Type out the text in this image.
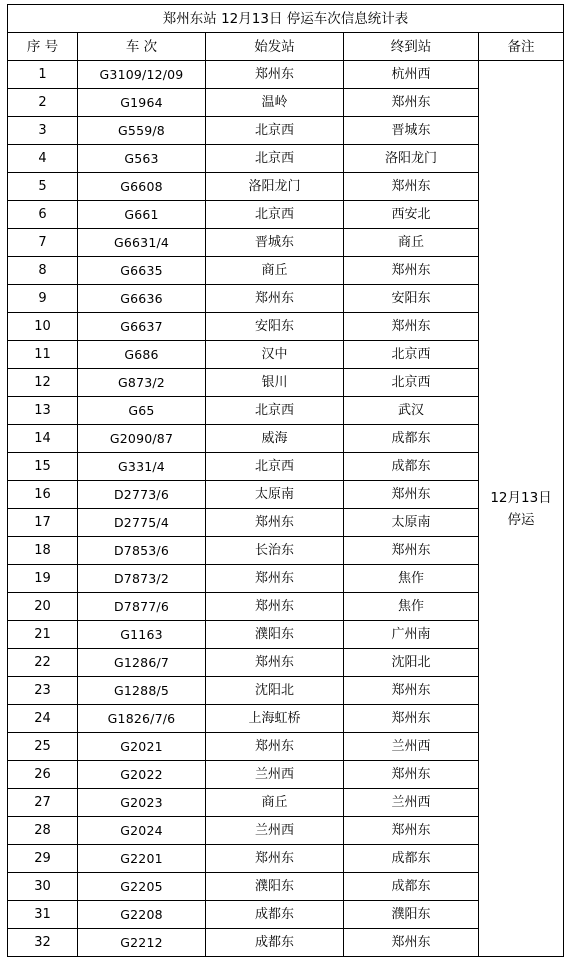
郑州东站 12月13日 停运车次信息统计表				
序 号	车 次	始发站	终到站	备注
1	G3109/12/09	郑州东	杭州西	12月13日
停运

2	G1964	温岭	郑州东	
3	G559/8	北京西	晋城东	
4	G563	北京西	洛阳龙门	
5	G6608	洛阳龙门	郑州东	
6	G661	北京西	西安北	
7	G6631/4	晋城东	商丘	
8	G6635	商丘	郑州东	
9	G6636	郑州东	安阳东	
10	G6637	安阳东	郑州东	
11	G686	汉中	北京西	
12	G873/2	银川	北京西	
13	G65	北京西	武汉	
14	G2090/87	威海	成都东	
15	G331/4	北京西	成都东	
16	D2773/6	太原南	郑州东	
17	D2775/4	郑州东	太原南	
18	D7853/6	长治东	郑州东	
19	D7873/2	郑州东	焦作	
20	D7877/6	郑州东	焦作	
21	G1163	濮阳东	广州南	
22	G1286/7	郑州东	沈阳北	
23	G1288/5	沈阳北	郑州东	
24	G1826/7/6	上海虹桥	郑州东	
25	G2021	郑州东	兰州西	
26	G2022	兰州西	郑州东	
27	G2023	商丘	兰州西	
28	G2024	兰州西	郑州东	
29	G2201	郑州东	成都东	
30	G2205	濮阳东	成都东	
31	G2208	成都东	濮阳东	
32	G2212	成都东	郑州东	
